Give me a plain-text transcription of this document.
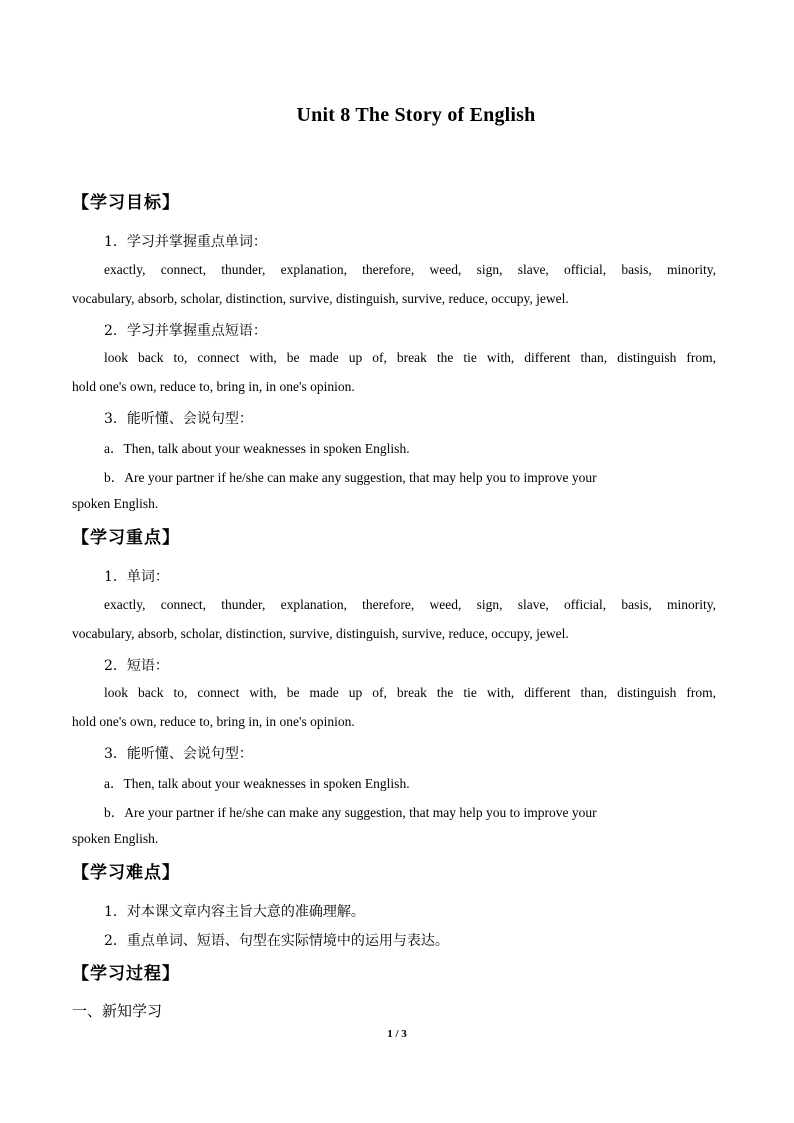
Unit 8 The Story of English
【学习目标】
1．学习并掌握重点单词：
exactly, connect, thunder, explanation, therefore, weed, sign, slave, official, basis, minority,
vocabulary, absorb, scholar, distinction, survive, distinguish, survive, reduce, occupy, jewel.
2．学习并掌握重点短语：
look back to, connect with, be made up of, break the tie with, different than, distinguish from,
hold one's own, reduce to, bring in, in one's opinion.
3．能听懂、会说句型：
a．Then, talk about your weaknesses in spoken English.
b．Are your partner if he/she can make any suggestion, that may help you to improve your
spoken English.
【学习重点】
1．单词：
exactly, connect, thunder, explanation, therefore, weed, sign, slave, official, basis, minority,
vocabulary, absorb, scholar, distinction, survive, distinguish, survive, reduce, occupy, jewel.
2．短语：
look back to, connect with, be made up of, break the tie with, different than, distinguish from,
hold one's own, reduce to, bring in, in one's opinion.
3．能听懂、会说句型：
a．Then, talk about your weaknesses in spoken English.
b．Are your partner if he/she can make any suggestion, that may help you to improve your
spoken English.
【学习难点】
1．对本课文章内容主旨大意的准确理解。
2．重点单词、短语、句型在实际情境中的运用与表达。
【学习过程】
一、新知学习
1 / 3
